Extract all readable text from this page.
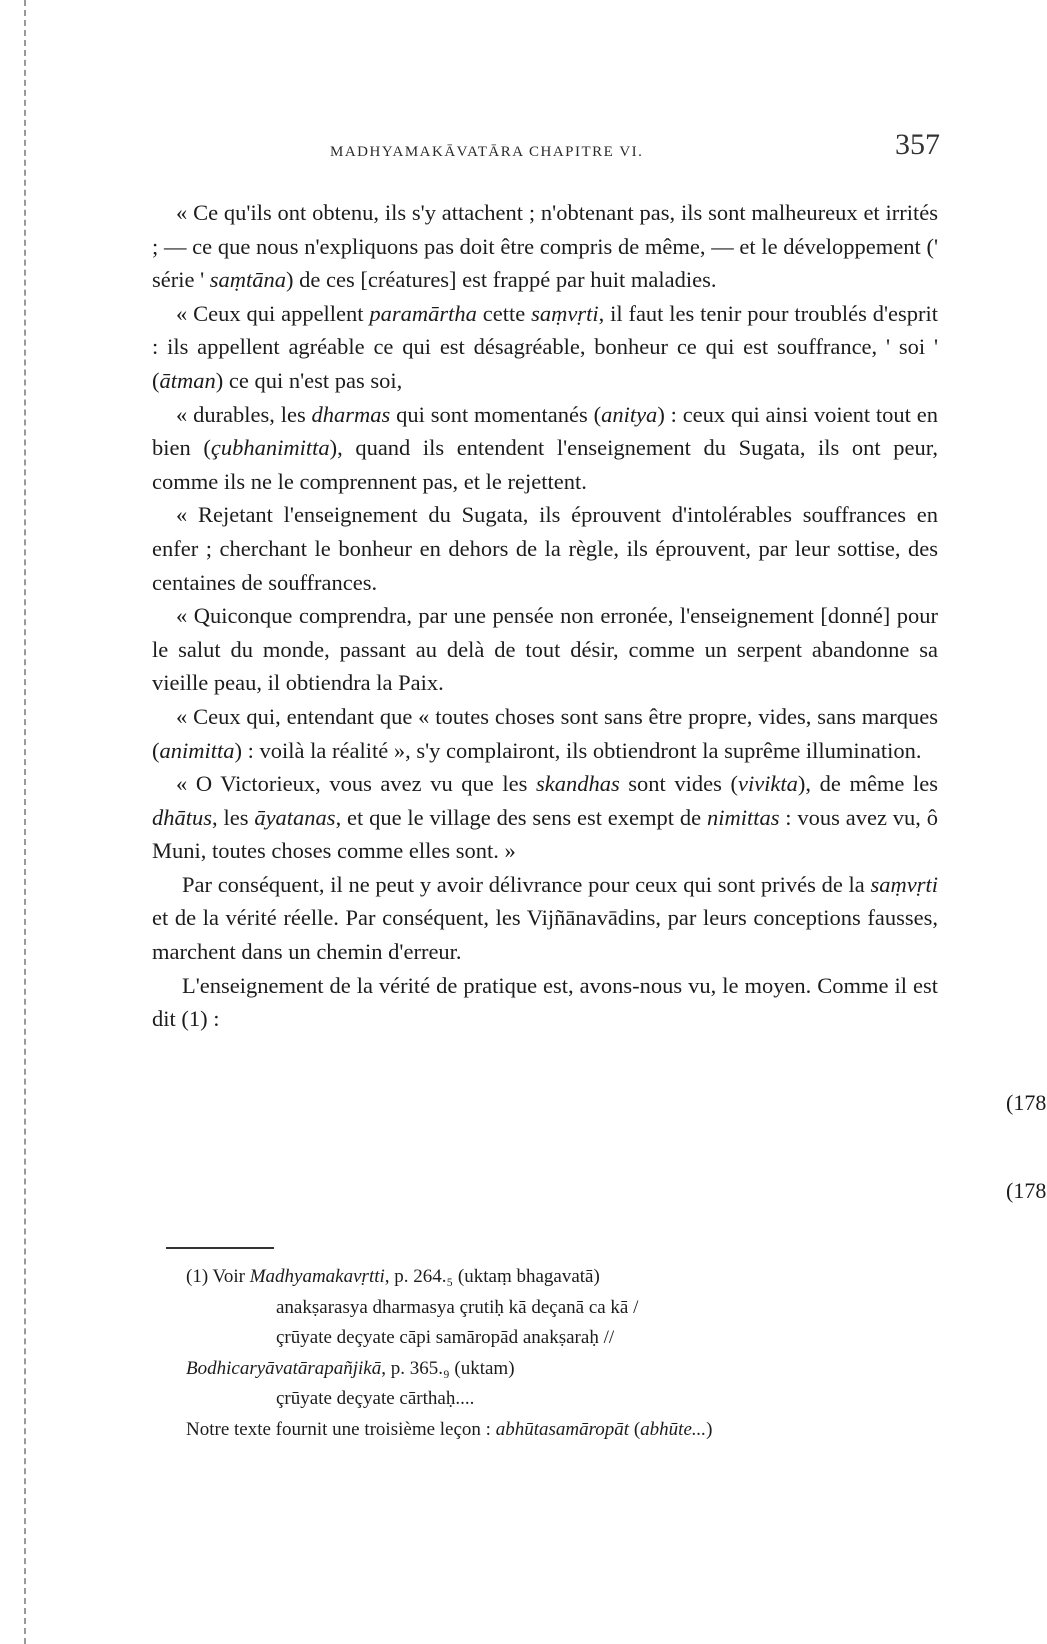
MADHYAMAKĀVATĀRA CHAPITRE VI.	357

« Ce qu'ils ont obtenu, ils s'y attachent ; n'obtenant pas, ils sont malheureux et irrités ; — ce que nous n'expliquons pas doit être compris de même, — et le développement (' série ' saṃtāna) de ces [créatures] est frappé par huit maladies.

« Ceux qui appellent paramārtha cette saṃvṛti, il faut les tenir pour troublés d'esprit : ils appellent agréable ce qui est désagréable, bonheur ce qui est souffrance, ' soi ' (ātman) ce qui n'est pas soi,

« durables, les dharmas qui sont momentanés (anitya) : ceux qui ainsi voient tout en bien (çubhanimitta), quand ils entendent l'enseignement du Sugata, ils ont peur, comme ils ne le comprennent pas, et le rejettent.

« Rejetant l'enseignement du Sugata, ils éprouvent d'intolérables souffrances en enfer ; cherchant le bonheur en dehors de la règle, ils éprouvent, par leur sottise, des centaines de souffrances.

« Quiconque comprendra, par une pensée non erronée, l'enseignement [donné] pour le salut du monde, passant au delà de tout désir, comme un serpent abandonne sa vieille peau, il obtiendra la Paix.

« Ceux qui, entendant que « toutes choses sont sans être propre, vides, sans marques (animitta) : voilà la réalité », s'y complairont, ils obtiendront la suprême illumination.

« O Victorieux, vous avez vu que les skandhas sont vides (vivikta), de même les dhātus, les āyatanas, et que le village des sens est exempt de nimittas : vous avez vu, ô Muni, toutes choses comme elles sont. »

Par conséquent, il ne peut y avoir délivrance pour ceux qui sont privés de la saṃvṛti et de la vérité réelle. Par conséquent, les Vijñānavādins, par leurs conceptions fausses, marchent dans un chemin d'erreur.

L'enseignement de la vérité de pratique est, avons-nous vu, le moyen. Comme il est dit (1) :

(178
(178
(1) Voir Madhyamakavṛtti, p. 264.₅ (uktaṃ bhagavatā)
anakṣarasya dharmasya çrutiḥ kā deçanā ca kā /
çrūyate deçyate cāpi samāropād anakṣaraḥ //
Bodhicaryāvatārapañjikā, p. 365.₉ (uktam)
çrūyate deçyate cārthaḥ....
Notre texte fournit une troisième leçon : abhūtasamāropāt (abhūte...)
